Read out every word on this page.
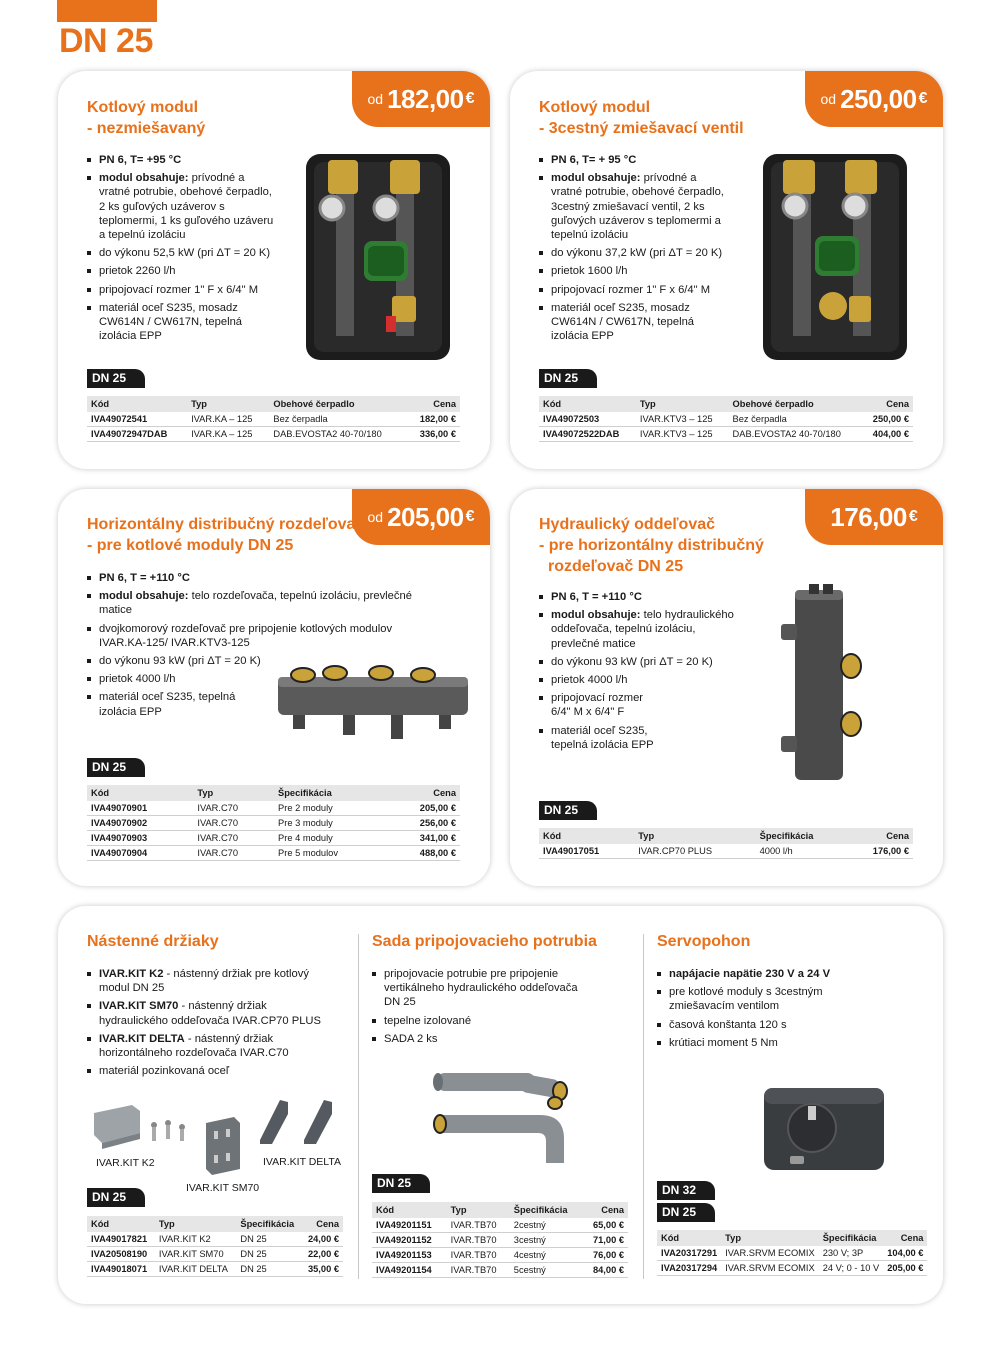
DN 25
od 182,00 €
Kotlový modul
- nezmiešavaný
PN 6, T= +95 °C
modul obsahuje: prívodné a vratné potrubie, obehové čerpadlo, 2 ks guľových uzáverov s teplomermi, 1 ks guľového uzáveru a tepelnú izoláciu
do výkonu 52,5 kW (pri ΔT = 20 K)
prietok 2260 l/h
pripojovací rozmer 1" F x 6/4" M
materiál oceľ S235, mosadz CW614N / CW617N, tepelná izolácia EPP
DN 25
Kód	Typ	Obehové čerpadlo	Cena
IVA49072541	IVAR.KA – 125	Bez čerpadla	182,00 €
IVA49072947DAB	IVAR.KA – 125	DAB.EVOSTA2 40-70/180	336,00 €
od 250,00 €
Kotlový modul
- 3cestný zmiešavací ventil
PN 6, T= + 95 °C
modul obsahuje: prívodné a vratné potrubie, obehové čerpadlo, 3cestný zmiešavací ventil, 2 ks guľových uzáverov s teplomermi a tepelnú izoláciu
do výkonu 37,2 kW (pri ΔT = 20 K)
prietok 1600 l/h
pripojovací rozmer 1" F x 6/4" M
materiál oceľ S235, mosadz CW614N / CW617N, tepelná izolácia EPP
DN 25
Kód	Typ	Obehové čerpadlo	Cena
IVA49072503	IVAR.KTV3 – 125	Bez čerpadla	250,00 €
IVA49072522DAB	IVAR.KTV3 – 125	DAB.EVOSTA2 40-70/180	404,00 €
od 205,00 €
Horizontálny distribučný rozdeľovač
- pre kotlové moduly DN 25
PN 6, T = +110 °C
modul obsahuje: telo rozdeľovača, tepelnú izoláciu, prevlečné matice
dvojkomorový rozdeľovač pre pripojenie kotlových modulov IVAR.KA-125/ IVAR.KTV3-125
do výkonu 93 kW (pri ΔT = 20 K)
prietok 4000 l/h
materiál oceľ S235, tepelná izolácia EPP
DN 25
Kód	Typ	Špecifikácia	Cena
IVA49070901	IVAR.C70	Pre 2 moduly	205,00 €
IVA49070902	IVAR.C70	Pre 3 moduly	256,00 €
IVA49070903	IVAR.C70	Pre 4 moduly	341,00 €
IVA49070904	IVAR.C70	Pre 5 modulov	488,00 €
176,00 €
Hydraulický oddeľovač
- pre horizontálny distribučný
rozdeľovač DN 25
PN 6, T = +110 °C
modul obsahuje: telo hydraulického oddeľovača, tepelnú izoláciu, prevlečné matice
do výkonu 93 kW (pri ΔT = 20 K)
prietok 4000 l/h
pripojovací rozmer 6/4" M x 6/4" F
materiál oceľ S235, tepelná izolácia EPP
DN 25
Kód	Typ	Špecifikácia	Cena
IVA49017051	IVAR.CP70 PLUS	4000 l/h	176,00 €
Nástenné držiaky
IVAR.KIT K2 - nástenný držiak pre kotlový modul DN 25
IVAR.KIT SM70 - nástenný držiak hydraulického oddeľovača IVAR.CP70 PLUS
IVAR.KIT DELTA - nástenný držiak horizontálneho rozdeľovača IVAR.C70
materiál pozinkovaná oceľ
IVAR.KIT K2
IVAR.KIT SM70
IVAR.KIT DELTA
DN 25
Kód	Typ	Špecifikácia	Cena
IVA49017821	IVAR.KIT K2	DN 25	24,00 €
IVA20508190	IVAR.KIT SM70	DN 25	22,00 €
IVA49018071	IVAR.KIT DELTA	DN 25	35,00 €
Sada pripojovacieho potrubia
pripojovacie potrubie pre pripojenie vertikálneho hydraulického oddeľovača DN 25
tepelne izolované
SADA 2 ks
DN 25
Kód	Typ	Špecifikácia	Cena
IVA49201151	IVAR.TB70	2cestný	65,00 €
IVA49201152	IVAR.TB70	3cestný	71,00 €
IVA49201153	IVAR.TB70	4cestný	76,00 €
IVA49201154	IVAR.TB70	5cestný	84,00 €
Servopohon
napájacie napätie 230 V a 24 V
pre kotlové moduly s 3cestným zmiešavacím ventilom
časová konštanta 120 s
krútiaci moment 5 Nm
DN 32
DN 25
Kód	Typ	Špecifikácia	Cena
IVA20317291	IVAR.SRVM ECOMIX	230 V; 3P	104,00 €
IVA20317294	IVAR.SRVM ECOMIX	24 V; 0 - 10 V	205,00 €
